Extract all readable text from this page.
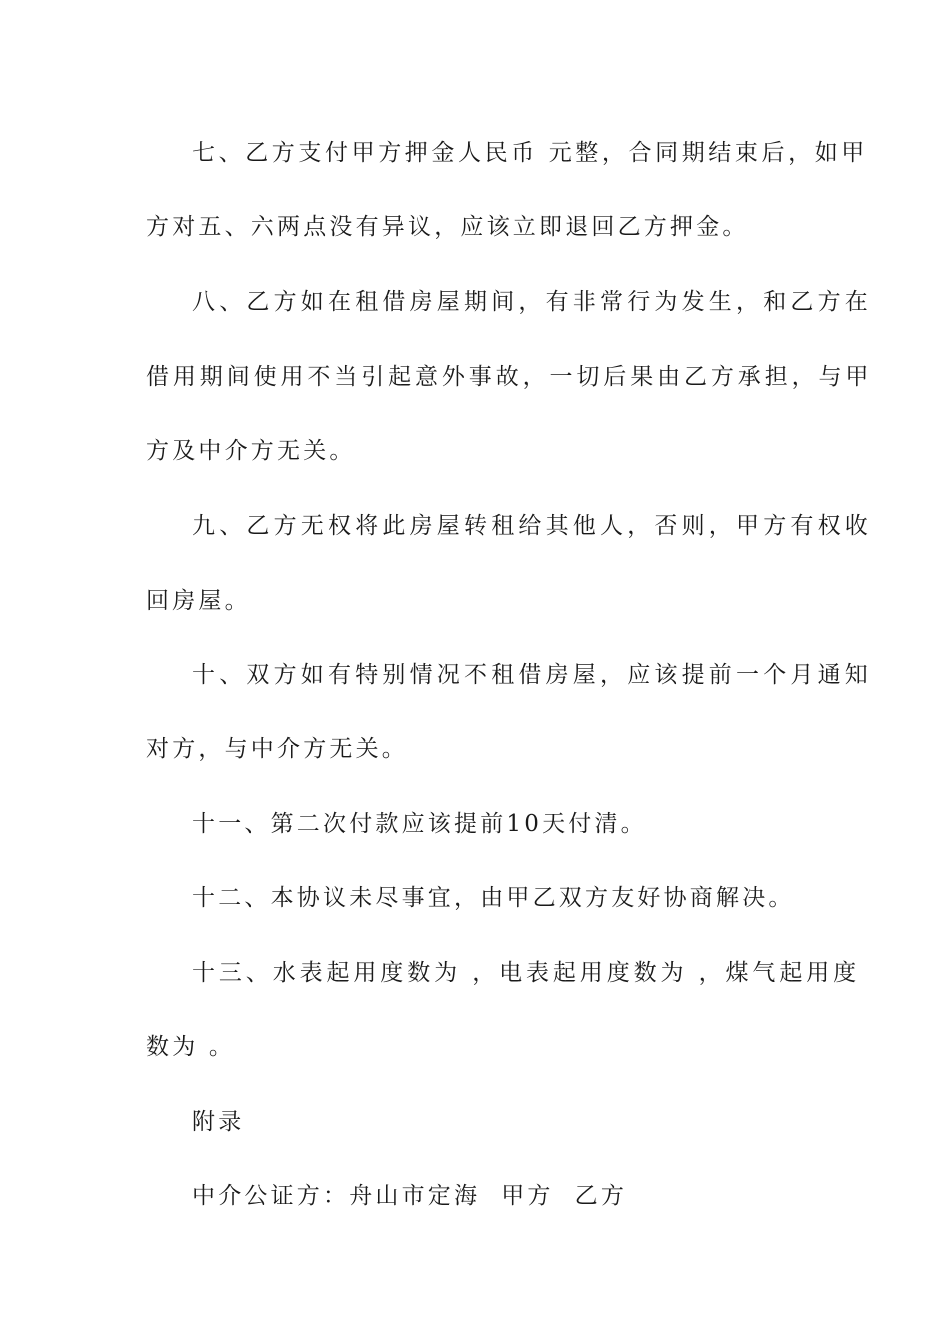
七、乙方支付甲方押金人民币 元整，合同期结束后，如甲
方对五、六两点没有异议，应该立即退回乙方押金。
八、乙方如在租借房屋期间，有非常行为发生，和乙方在
借用期间使用不当引起意外事故，一切后果由乙方承担，与甲
方及中介方无关。
九、乙方无权将此房屋转租给其他人，否则，甲方有权收
回房屋。
十、双方如有特别情况不租借房屋，应该提前一个月通知
对方，与中介方无关。
十一、第二次付款应该提前10天付清。
十二、本协议未尽事宜，由甲乙双方友好协商解决。
十三、水表起用度数为 ，电表起用度数为 ，煤气起用度
数为 。
附录
中介公证方：舟山市定海  甲方  乙方
